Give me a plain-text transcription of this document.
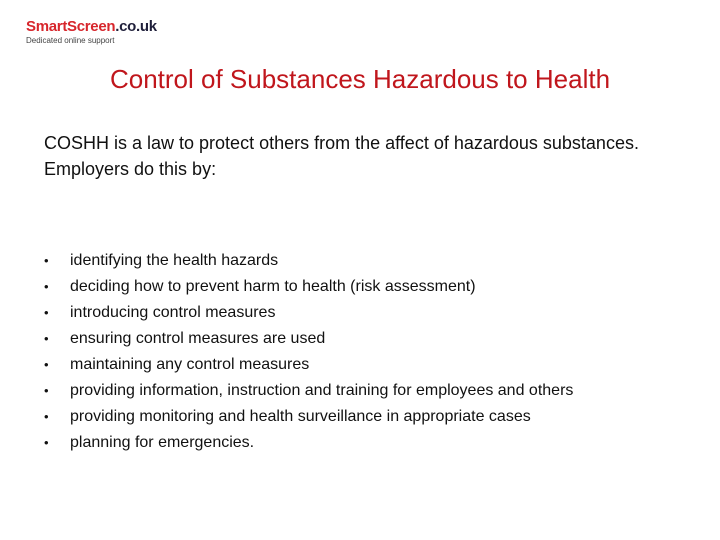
SmartScreen.co.uk
Dedicated online support
Control of Substances Hazardous to Health
COSHH is a law to protect others from the affect of hazardous substances.
Employers do this by:
• identifying the health hazards
• deciding how to prevent harm to health (risk assessment)
• introducing control measures
• ensuring control measures are used
• maintaining any control measures
• providing information, instruction and training for employees and others
• providing monitoring and health surveillance in appropriate cases
• planning for emergencies.
